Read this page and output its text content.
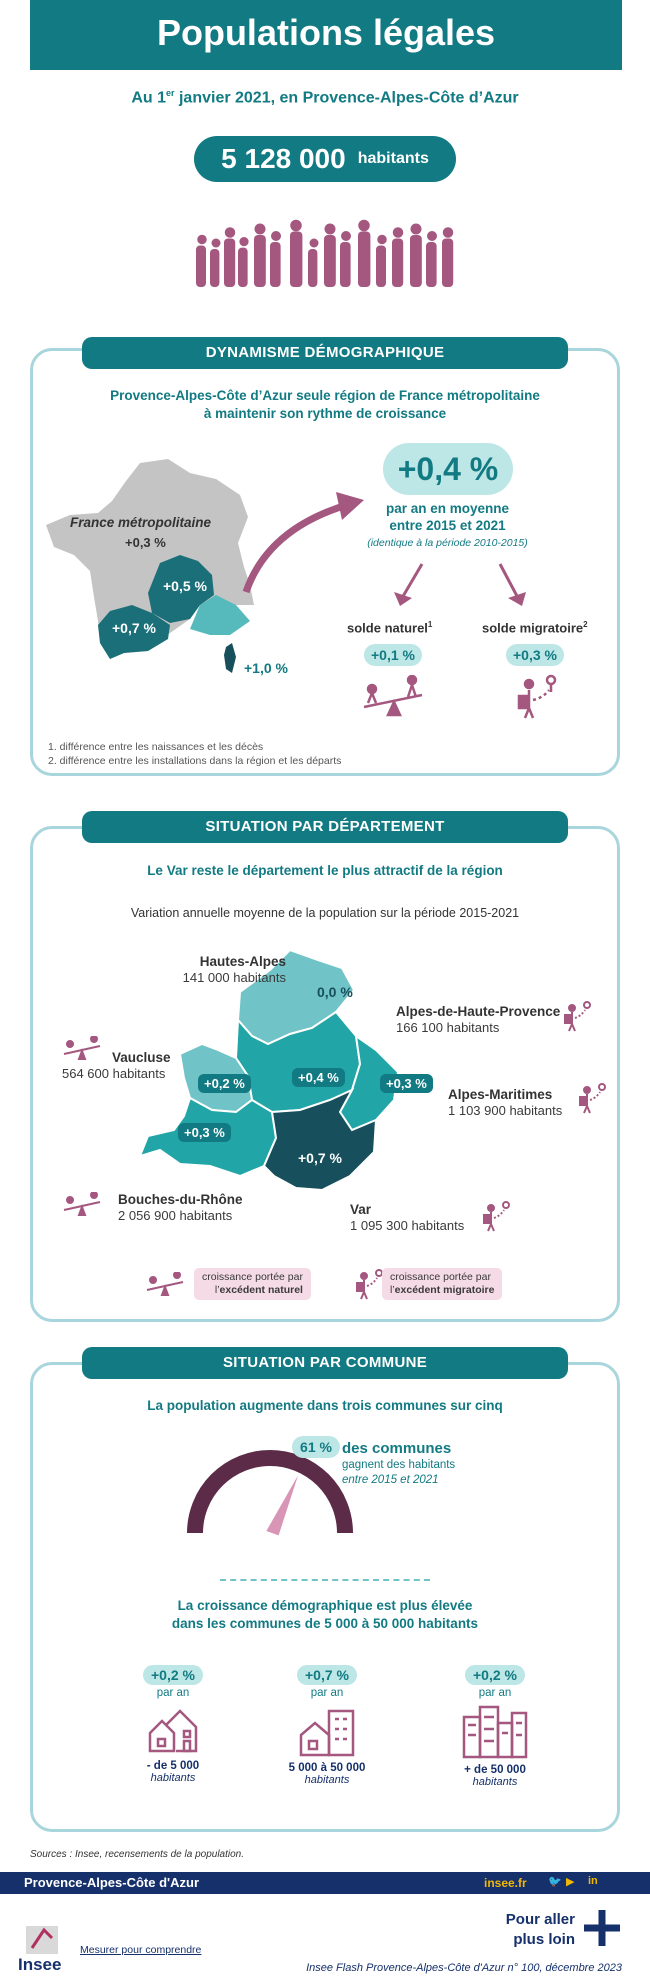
Populations légales
Au 1er janvier 2021, en Provence-Alpes-Côte d’Azur
5 128 000 habitants
DYNAMISME DÉMOGRAPHIQUE
Provence-Alpes-Côte d’Azur seule région de France métropolitaine
à maintenir son rythme de croissance
France métropolitaine
+0,3 %
+0,5 %
+0,7 %
+1,0 %
+0,4 %
par an en moyenne
entre 2015 et 2021
(identique à la période 2010-2015)
solde naturel$^1$	solde migratoire$^2$
+0,1 %	+0,3 %
1. différence entre les naissances et les décès
2. différence entre les installations dans la région et les départs
SITUATION PAR DÉPARTEMENT
Le Var reste le département le plus attractif de la région
Variation annuelle moyenne de la population sur la période 2015-2021
0,0 %
+0,4 %
+0,2 %	+0,3 %
+0,3 %
+0,7 %
Hautes-Alpes
141 000 habitants
Alpes-de-Haute-Provence
166 100 habitants
Vaucluse
564 600 habitants
Alpes-Maritimes
1 103 900 habitants
Bouches-du-Rhône
2 056 900 habitants	Var
1 095 300 habitants
croissance portée par
l’excédent naturel
croissance portée par
l’excédent migratoire
SITUATION PAR COMMUNE
La population augmente dans trois communes sur cinq
61 % des communes
gagnent des habitants
entre 2015 et 2021
La croissance démographique est plus élevée
dans les communes de 5 000 à 50 000 habitants
+0,2 %
par an
- de 5 000
habitants
+0,7 %
par an
5 000 à 50 000
habitants
+0,2 %
par an
+ de 50 000
habitants
Sources : Insee, recensements de la population.
Provence-Alpes-Côte d'Azur	insee.fr 🐦 ▶ in
Pour aller
plus loin
Insee
Mesurer pour comprendre
Insee Flash Provence-Alpes-Côte d'Azur n° 100, décembre 2023
